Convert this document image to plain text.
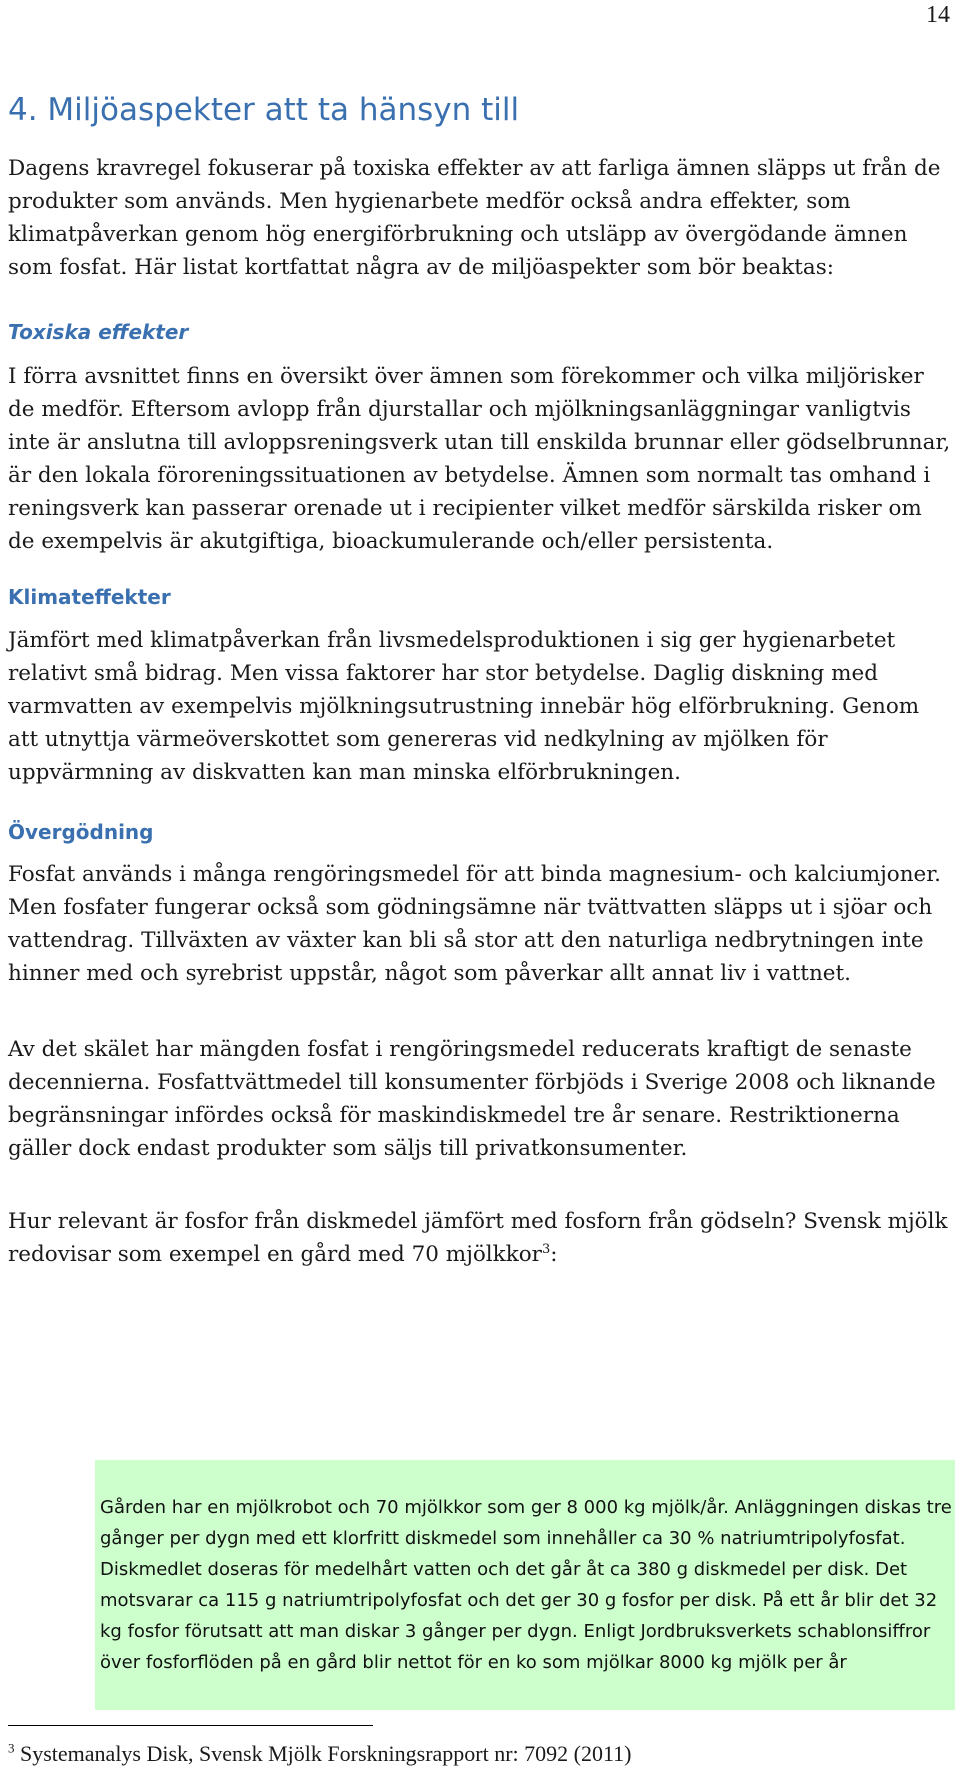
14
4. Miljöaspekter att ta hänsyn till

Dagens kravregel fokuserar på toxiska effekter av att farliga ämnen släpps ut från de produkter som används. Men hygienarbete medför också andra effekter, som klimatpåverkan genom hög energiförbrukning och utsläpp av övergödande ämnen som fosfat. Här listat kortfattat några av de miljöaspekter som bör beaktas:

Toxiska effekter

I förra avsnittet finns en översikt över ämnen som förekommer och vilka miljörisker de medför. Eftersom avlopp från djurstallar och mjölkningsanläggningar vanligtvis inte är anslutna till avloppsreningsverk utan till enskilda brunnar eller gödselbrunnar, är den lokala föroreningssituationen av betydelse. Ämnen som normalt tas omhand i reningsverk kan passerar orenade ut i recipienter vilket medför särskilda risker om de exempelvis är akutgiftiga, bioackumulerande och/eller persistenta.

Klimateffekter

Jämfört med klimatpåverkan från livsmedelsproduktionen i sig ger hygienarbetet relativt små bidrag. Men vissa faktorer har stor betydelse. Daglig diskning med varmvatten av exempelvis mjölkningsutrustning innebär hög elförbrukning. Genom att utnyttja värmeöverskottet som genereras vid nedkylning av mjölken för uppvärmning av diskvatten kan man minska elförbrukningen.

Övergödning

Fosfat används i många rengöringsmedel för att binda magnesium- och kalciumjoner. Men fosfater fungerar också som gödningsämne när tvättvatten släpps ut i sjöar och vattendrag. Tillväxten av växter kan bli så stor att den naturliga nedbrytningen inte hinner med och syrebrist uppstår, något som påverkar allt annat liv i vattnet.

Av det skälet har mängden fosfat i rengöringsmedel reducerats kraftigt de senaste decennierna. Fosfattvättmedel till konsumenter förbjöds i Sverige 2008 och liknande begränsningar infördes också för maskindiskmedel tre år senare. Restriktionerna gäller dock endast produkter som säljs till privatkonsumenter.

Hur relevant är fosfor från diskmedel jämfört med fosforn från gödseln? Svensk mjölk redovisar som exempel en gård med 70 mjölkkor$^3$:

Gården har en mjölkrobot och 70 mjölkkor som ger 8 000 kg mjölk/år. Anläggningen diskas tre gånger per dygn med ett klorfritt diskmedel som innehåller ca 30 % natriumtripolyfosfat. Diskmedlet doseras för medelhårt vatten och det går åt ca 380 g diskmedel per disk. Det motsvarar ca 115 g natriumtripolyfosfat och det ger 30 g fosfor per disk. På ett år blir det 32 kg fosfor förutsatt att man diskar 3 gånger per dygn. Enligt Jordbruksverkets schablonsiffror över fosforflöden på en gård blir nettot för en ko som mjölkar 8000 kg mjölk per år

$^3$ Systemanalys Disk, Svensk Mjölk Forskningsrapport nr: 7092 (2011)
